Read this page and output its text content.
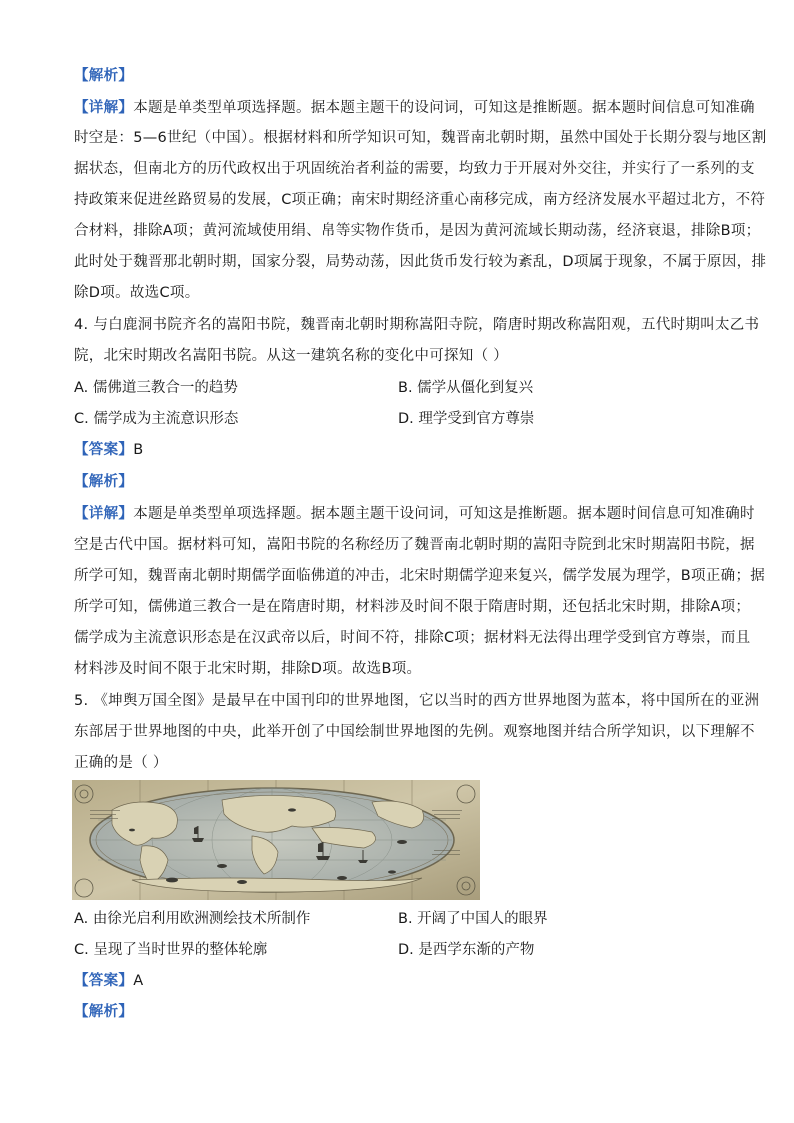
【解析】
【详解】本题是单类型单项选择题。据本题主题干的设问词，可知这是推断题。据本题时间信息可知准确
时空是：5—6世纪（中国）。根据材料和所学知识可知，魏晋南北朝时期，虽然中国处于长期分裂与地区割
据状态，但南北方的历代政权出于巩固统治者利益的需要，均致力于开展对外交往，并实行了一系列的支
持政策来促进丝路贸易的发展，C项正确；南宋时期经济重心南移完成，南方经济发展水平超过北方，不符
合材料，排除A项；黄河流域使用绢、帛等实物作货币，是因为黄河流域长期动荡，经济衰退，排除B项；
此时处于魏晋那北朝时期，国家分裂，局势动荡，因此货币发行较为紊乱，D项属于现象，不属于原因，排
除D项。故选C项。
4. 与白鹿洞书院齐名的嵩阳书院，魏晋南北朝时期称嵩阳寺院，隋唐时期改称嵩阳观，五代时期叫太乙书
院，北宋时期改名嵩阳书院。从这一建筑名称的变化中可探知（ ）
A. 儒佛道三教合一的趋势	B. 儒学从僵化到复兴
C. 儒学成为主流意识形态	D. 理学受到官方尊崇
【答案】B
【解析】
【详解】本题是单类型单项选择题。据本题主题干设问词，可知这是推断题。据本题时间信息可知准确时
空是古代中国。据材料可知，嵩阳书院的名称经历了魏晋南北朝时期的嵩阳寺院到北宋时期嵩阳书院，据
所学可知，魏晋南北朝时期儒学面临佛道的冲击，北宋时期儒学迎来复兴，儒学发展为理学，B项正确；据
所学可知，儒佛道三教合一是在隋唐时期，材料涉及时间不限于隋唐时期，还包括北宋时期，排除A项；
儒学成为主流意识形态是在汉武帝以后，时间不符，排除C项；据材料无法得出理学受到官方尊崇，而且
材料涉及时间不限于北宋时期，排除D项。故选B项。
5. 《坤舆万国全图》是最早在中国刊印的世界地图，它以当时的西方世界地图为蓝本，将中国所在的亚洲
东部居于世界地图的中央，此举开创了中国绘制世界地图的先例。观察地图并结合所学知识，以下理解不
正确的是（ ）
A. 由徐光启利用欧洲测绘技术所制作	B. 开阔了中国人的眼界
C. 呈现了当时世界的整体轮廓	D. 是西学东渐的产物
【答案】A
【解析】
